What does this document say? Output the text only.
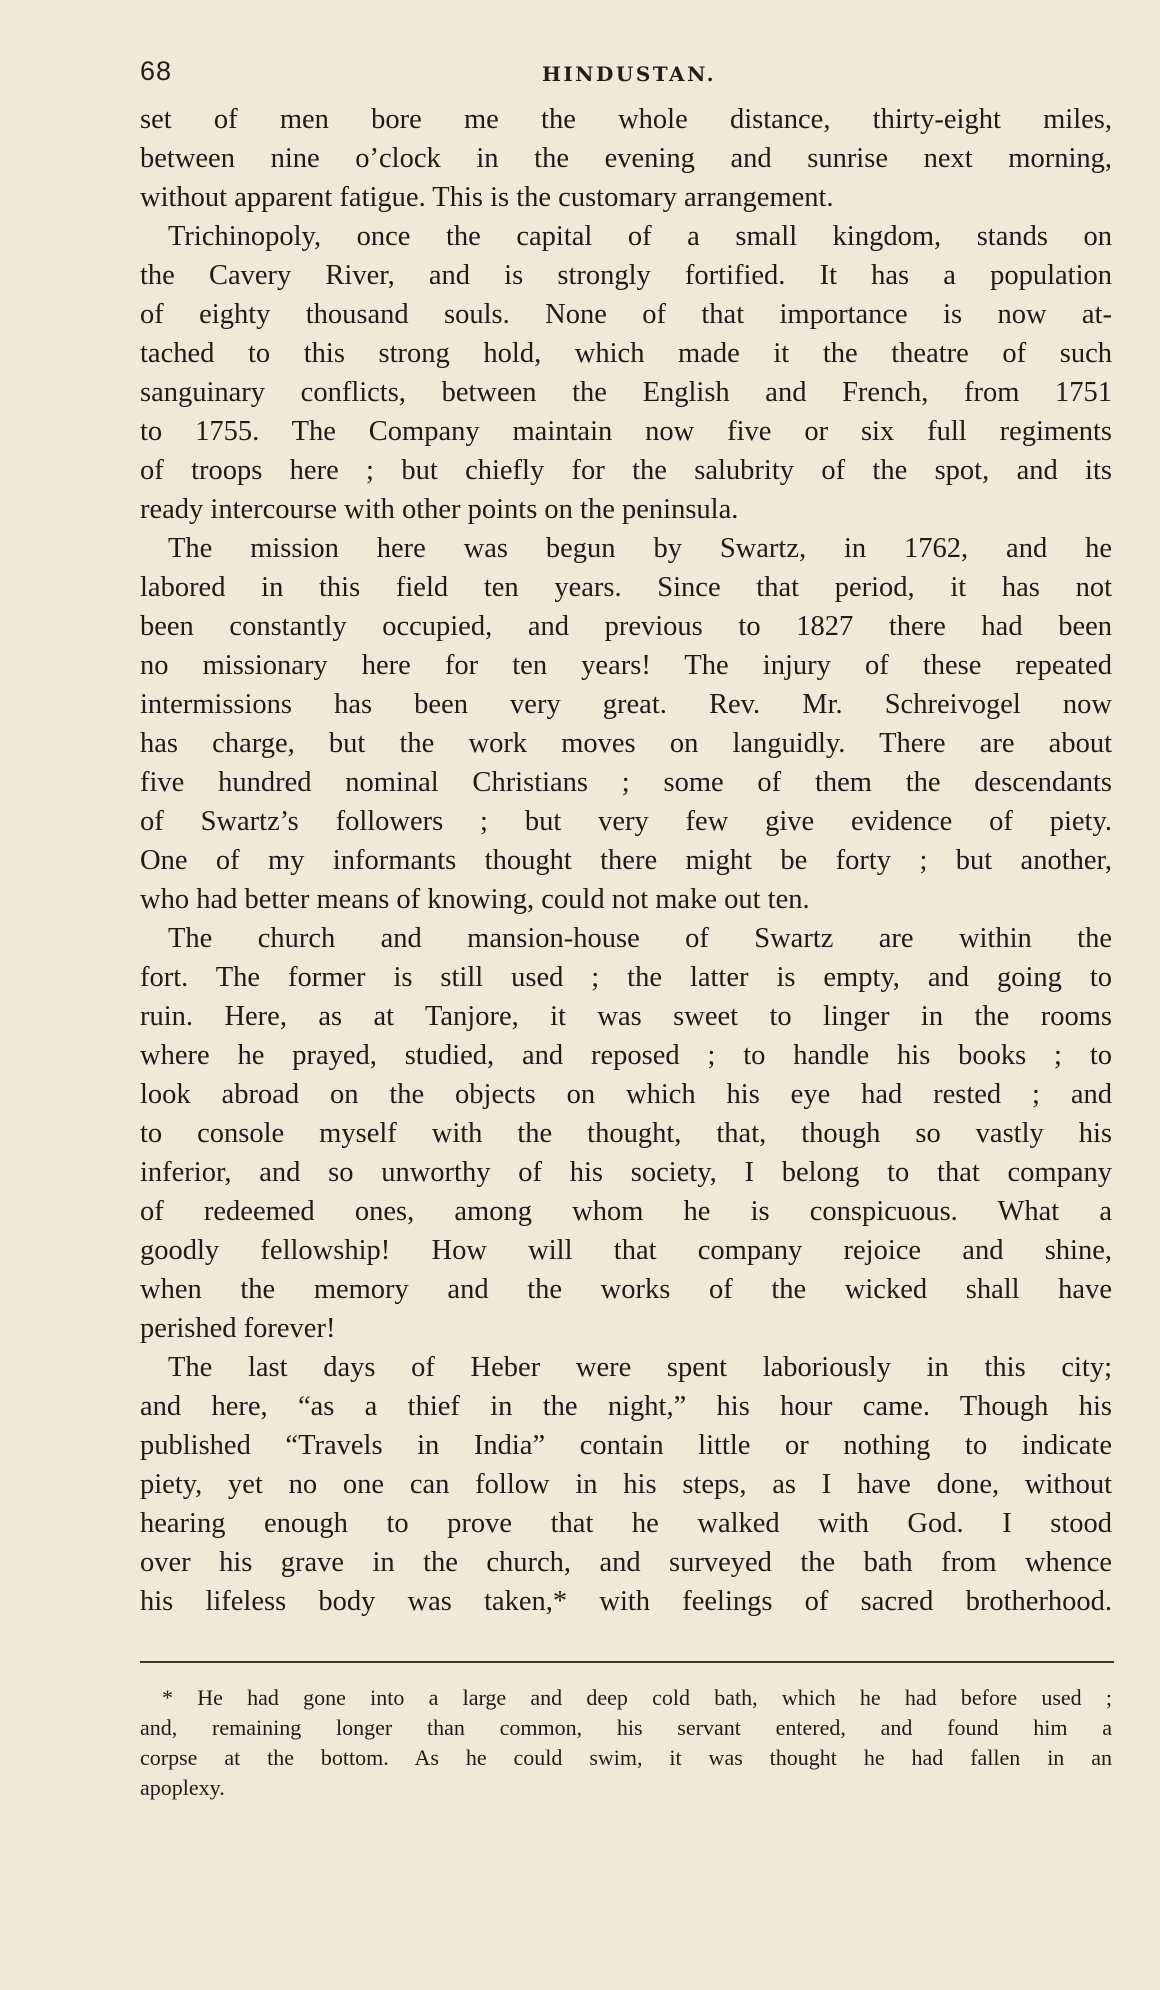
68	HINDUSTAN.

set of men bore me the whole distance, thirty-eight miles,

between nine o’clock in the evening and sunrise next morning,

without apparent fatigue. This is the customary arrangement.

Trichinopoly, once the capital of a small kingdom, stands on

the Cavery River, and is strongly fortified. It has a population

of eighty thousand souls. None of that importance is now at-

tached to this strong hold, which made it the theatre of such

sanguinary conflicts, between the English and French, from 1751

to 1755. The Company maintain now five or six full regiments

of troops here ; but chiefly for the salubrity of the spot, and its

ready intercourse with other points on the peninsula.

The mission here was begun by Swartz, in 1762, and he

labored in this field ten years. Since that period, it has not

been constantly occupied, and previous to 1827 there had been

no missionary here for ten years! The injury of these repeated

intermissions has been very great. Rev. Mr. Schreivogel now

has charge, but the work moves on languidly. There are about

five hundred nominal Christians ; some of them the descendants

of Swartz’s followers ; but very few give evidence of piety.

One of my informants thought there might be forty ; but another,

who had better means of knowing, could not make out ten.

The church and mansion-house of Swartz are within the

fort. The former is still used ; the latter is empty, and going to

ruin. Here, as at Tanjore, it was sweet to linger in the rooms

where he prayed, studied, and reposed ; to handle his books ; to

look abroad on the objects on which his eye had rested ; and

to console myself with the thought, that, though so vastly his

inferior, and so unworthy of his society, I belong to that company

of redeemed ones, among whom he is conspicuous. What a

goodly fellowship! How will that company rejoice and shine,

when the memory and the works of the wicked shall have

perished forever!

The last days of Heber were spent laboriously in this city;

and here, “as a thief in the night,” his hour came. Though his

published “Travels in India” contain little or nothing to indicate

piety, yet no one can follow in his steps, as I have done, without

hearing enough to prove that he walked with God. I stood

over his grave in the church, and surveyed the bath from whence

his lifeless body was taken,* with feelings of sacred brotherhood.

* He had gone into a large and deep cold bath, which he had before used ;

and, remaining longer than common, his servant entered, and found him a

corpse at the bottom. As he could swim, it was thought he had fallen in an

apoplexy.
